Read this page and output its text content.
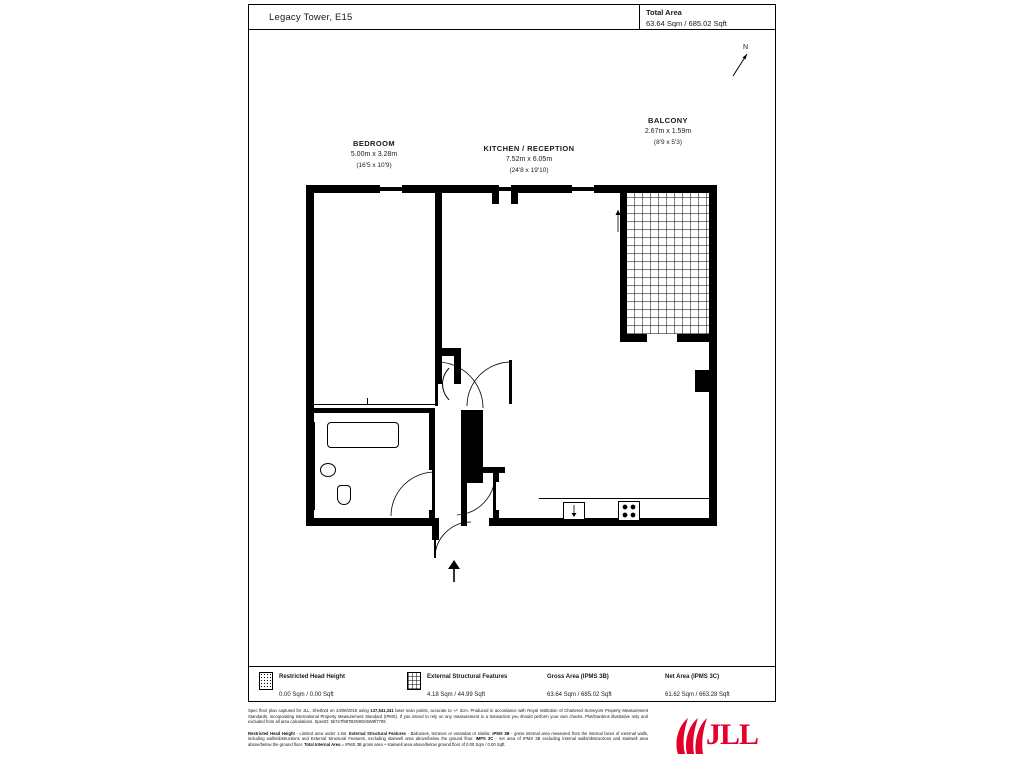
Legacy Tower, E15	Total Area
63.64 Sqm / 685.02 Sqft
N
BEDROOM
5.00m x 3.28m
(16'5 x 10'9)
KITCHEN / RECEPTION
7.52m x 6.05m
(24'8 x 19'10)
BALCONY
2.67m x 1.59m
(8'9 x 5'3)
Restricted Head Height
0.00 Sqm / 0.00 Sqft
External Structural Features
4.18 Sqm / 44.99 Sqft
Gross Area (IPMS 3B)
63.64 Sqm / 685.02 Sqft
Net Area (IPMS 3C)
61.62 Sqm / 663.28 Sqft

Spec floor plan captured for JLL, Shetford on 24/08/2018 using 137,541,341 laser scan points, accurate to +/- 3cm. Produced in accordance with Royal Institution of Chartered Surveyors Property Measurement Standards, incorporating International Property Measurement Standard (IPMS). If you intend to rely on any measurement in a transaction you should perform your own checks. Plot/Gardens illustrative only and excluded from all area calculations. SpecID: 5b7e7f987B2N9Ori5W9f7709

Restricted Head Height - Limited area under 1.5m. External Structural Features - Balconies, terraces or verandas or similar. IPMS 3B - gross internal area measured from the internal faces of external walls, including walls/obstructions and External Structural Features, excluding stairwell area above/below the ground floor. IMPS 3C - net area of IPMS 3B excluding internal walls/obstructions and stairwell area above/below the ground floor. Total Internal Area = IPMS 3B gross area + stairwell area above/below ground floor of 0.00 Sqm / 0.00 Sqft.	JLL
